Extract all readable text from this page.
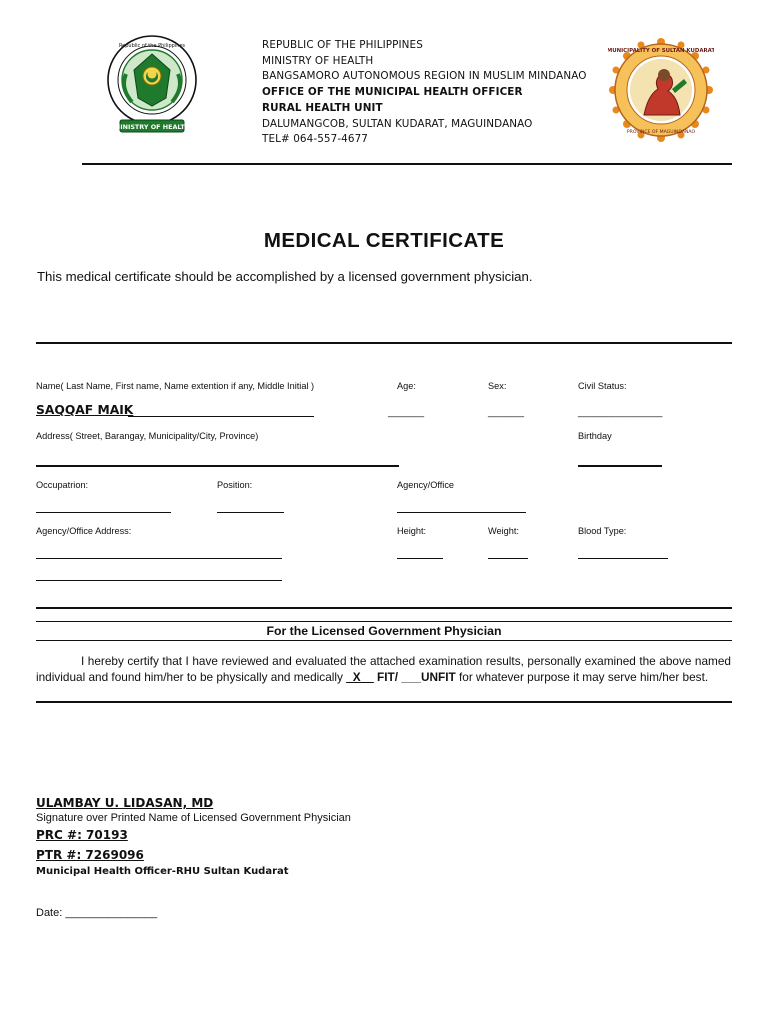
Republic of the Philippines
MINISTRY OF HEALTH
REPUBLIC OF THE PHILIPPINES
MINISTRY OF HEALTH
BANGSAMORO AUTONOMOUS REGION IN MUSLIM MINDANAO
OFFICE OF THE MUNICIPAL HEALTH OFFICER
RURAL HEALTH UNIT
DALUMANGCOB, SULTAN KUDARAT, MAGUINDANAO
TEL# 064-557-4677
MUNICIPALITY OF SULTAN KUDARAT
PROVINCE OF MAGUINDANAO
MEDICAL CERTIFICATE
This medical certificate should be accomplished by a licensed government physician.
Name( Last Name, First name, Name extention if any, Middle Initial )	Age:	Sex:	Civil Status:
SAQQAF MAIK	______	______	______________
Address( Street, Barangay, Municipality/City, Province)	Birthday
Occupatrion:	Position:	Agency/Office
Agency/Office Address:	Height:	Weight:	Blood Type:
For the Licensed Government Physician
I hereby certify that I have reviewed and evaluated the attached examination results, personally examined the above named individual and found him/her to be physically and medically _X__ FIT/ ___UNFIT for whatever purpose it may serve him/her best.
ULAMBAY U. LIDASAN, MD
Signature over Printed Name of Licensed Government Physician
PRC #: 70193
PTR #: 7269096
Municipal Health Officer-RHU Sultan Kudarat
Date: _______________
